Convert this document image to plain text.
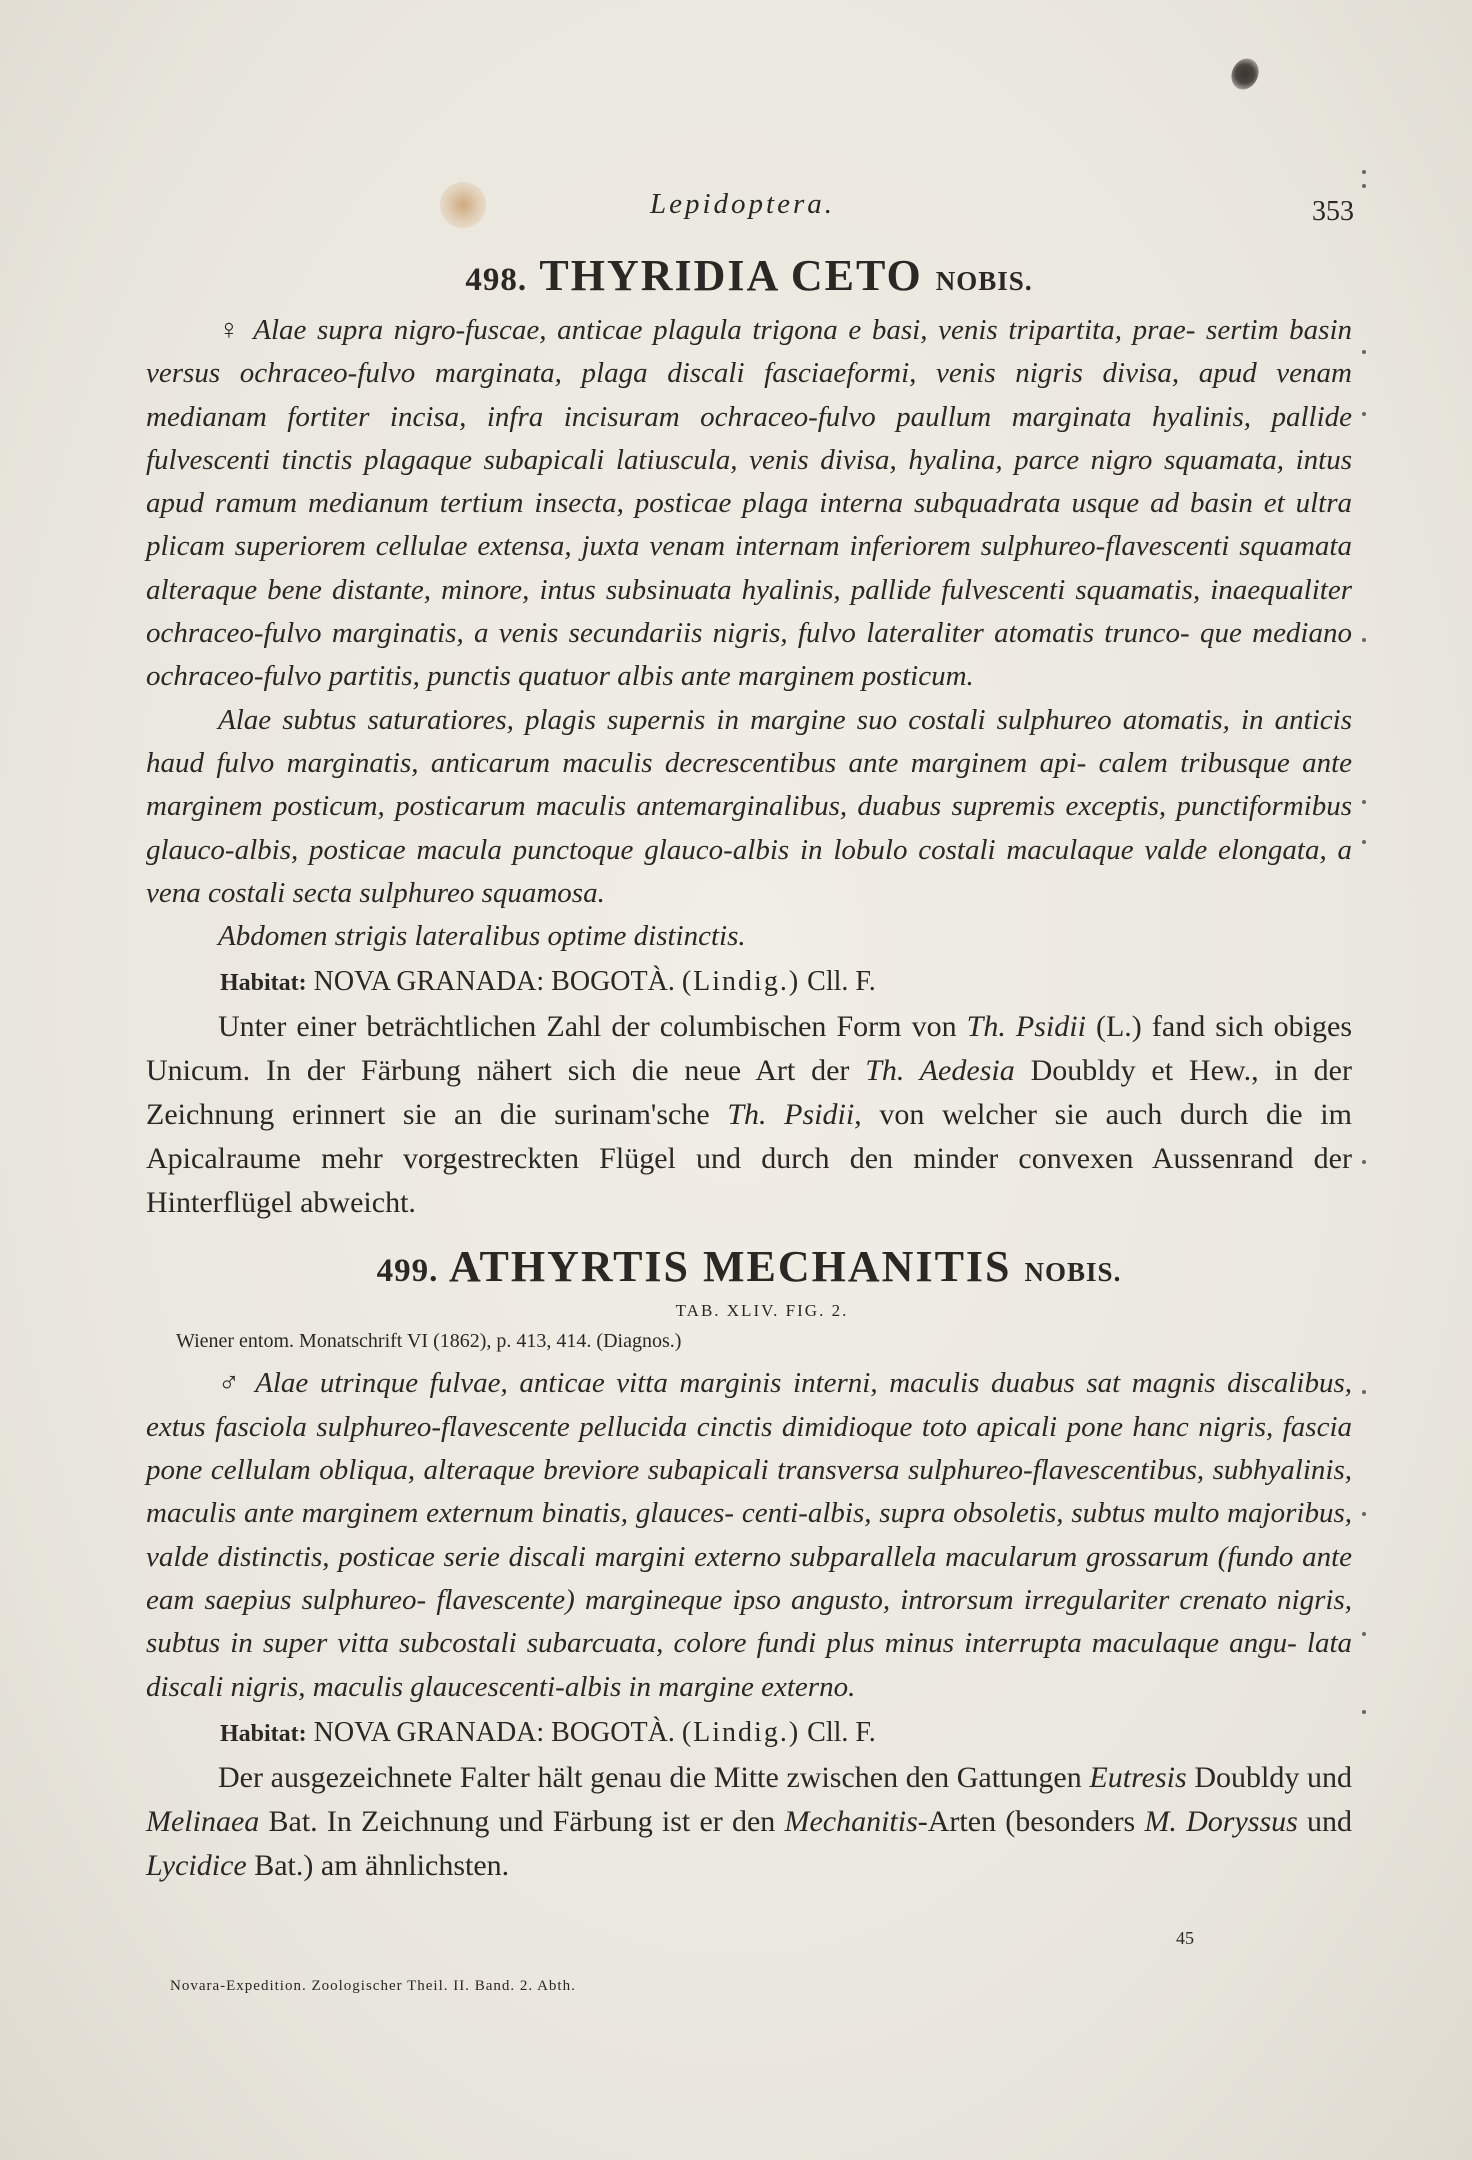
Lepidoptera.	353
498. THYRIDIA CETO NOBIS.

♀ Alae supra nigro-fuscae, anticae plagula trigona e basi, venis tripartita, prae- sertim basin versus ochraceo-fulvo marginata, plaga discali fasciaeformi, venis nigris divisa, apud venam medianam fortiter incisa, infra incisuram ochraceo-fulvo paullum marginata hyalinis, pallide fulvescenti tinctis plagaque subapicali latiuscula, venis divisa, hyalina, parce nigro squamata, intus apud ramum medianum tertium insecta, posticae plaga interna subquadrata usque ad basin et ultra plicam superiorem cellulae extensa, juxta venam internam inferiorem sulphureo-flavescenti squamata alteraque bene distante, minore, intus subsinuata hyalinis, pallide fulvescenti squamatis, inaequaliter ochraceo-fulvo marginatis, a venis secundariis nigris, fulvo lateraliter atomatis trunco- que mediano ochraceo-fulvo partitis, punctis quatuor albis ante marginem posticum.

Alae subtus saturatiores, plagis supernis in margine suo costali sulphureo atomatis, in anticis haud fulvo marginatis, anticarum maculis decrescentibus ante marginem api- calem tribusque ante marginem posticum, posticarum maculis antemarginalibus, duabus supremis exceptis, punctiformibus glauco-albis, posticae macula punctoque glauco-albis in lobulo costali maculaque valde elongata, a vena costali secta sulphureo squamosa.

Abdomen strigis lateralibus optime distinctis.

Habitat: NOVA GRANADA: BOGOTÀ. (Lindig.) Cll. F.

Unter einer beträchtlichen Zahl der columbischen Form von Th. Psidii (L.) fand sich obiges Unicum. In der Färbung nähert sich die neue Art der Th. Aedesia Doubldy et Hew., in der Zeichnung erinnert sie an die surinam'sche Th. Psidii, von welcher sie auch durch die im Apicalraume mehr vorgestreckten Flügel und durch den minder convexen Aussenrand der Hinterflügel abweicht.

499. ATHYRTIS MECHANITIS NOBIS.

TAB. XLIV. FIG. 2.

Wiener entom. Monatschrift VI (1862), p. 413, 414. (Diagnos.)

♂ Alae utrinque fulvae, anticae vitta marginis interni, maculis duabus sat magnis discalibus, extus fasciola sulphureo-flavescente pellucida cinctis dimidioque toto apicali pone hanc nigris, fascia pone cellulam obliqua, alteraque breviore subapicali transversa sulphureo-flavescentibus, subhyalinis, maculis ante marginem externum binatis, glauces- centi-albis, supra obsoletis, subtus multo majoribus, valde distinctis, posticae serie discali margini externo subparallela macularum grossarum (fundo ante eam saepius sulphureo- flavescente) margineque ipso angusto, introrsum irregulariter crenato nigris, subtus in super vitta subcostali subarcuata, colore fundi plus minus interrupta maculaque angu- lata discali nigris, maculis glaucescenti-albis in margine externo.

Habitat: NOVA GRANADA: BOGOTÀ. (Lindig.) Cll. F.

Der ausgezeichnete Falter hält genau die Mitte zwischen den Gattungen Eutresis Doubldy und Melinaea Bat. In Zeichnung und Färbung ist er den Mechanitis-Arten (besonders M. Doryssus und Lycidice Bat.) am ähnlichsten.

45
Novara-Expedition. Zoologischer Theil. II. Band. 2. Abth.
